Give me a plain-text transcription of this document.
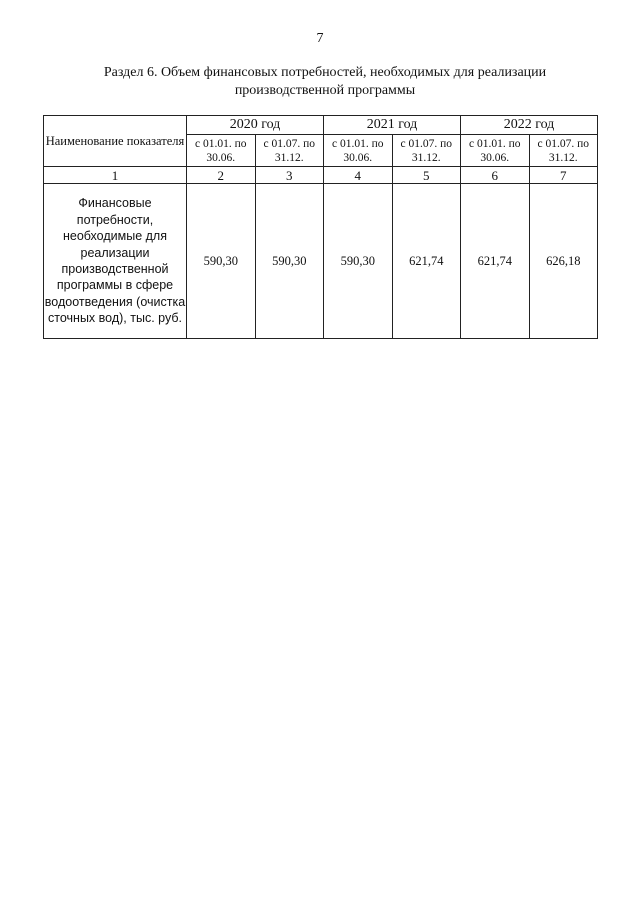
7
Раздел 6. Объем финансовых потребностей, необходимых для реализации
производственной программы
Наименование показателя	2020 год		2021 год		2022 год	
	с 01.01. по 30.06.	с 01.07. по 31.12.	с 01.01. по 30.06.	с 01.07. по 31.12.	с 01.01. по 30.06.	с 01.07. по 31.12.
1	2	3	4	5	6	7
Финансовые потребности, необходимые для реализации производственной программы в сфере водоотведения (очистка сточных вод), тыс. руб.	590,30	590,30	590,30	621,74	621,74	626,18
